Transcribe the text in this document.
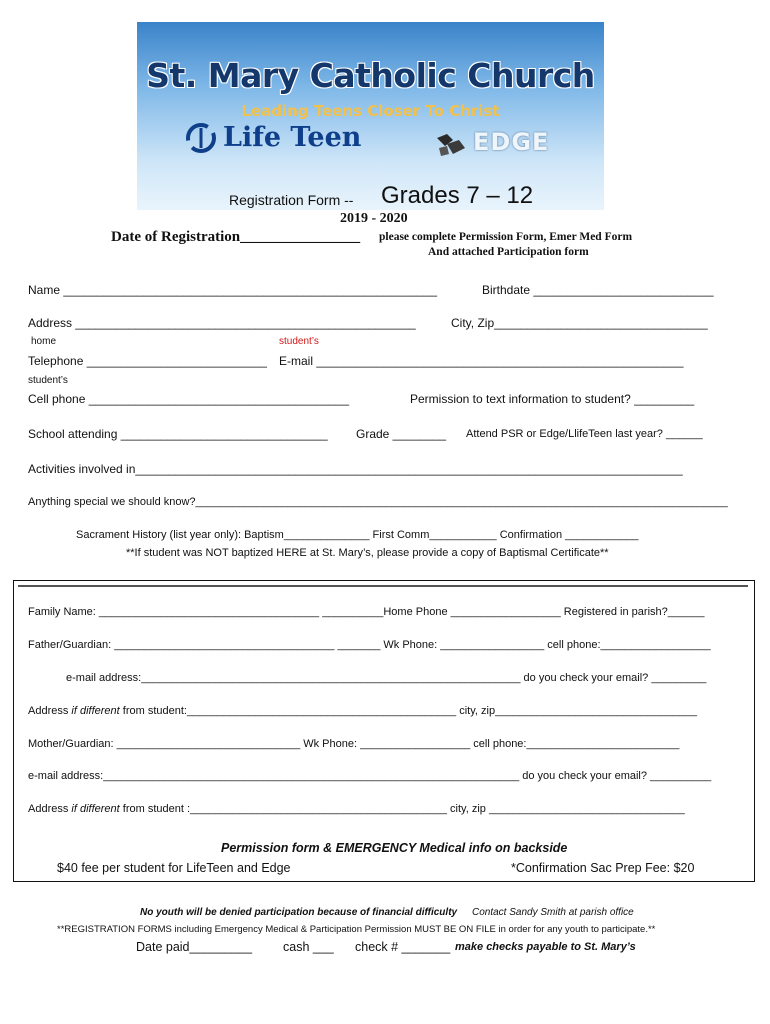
St. Mary Catholic Church
Leading Teens Closer To Christ
Life Teen	EDGE
Registration Form -- Grades 7 – 12
2019 - 2020
Date of Registration________________ please complete Permission Form, Emer Med Form
And attached Participation form
Name ________________________________________________________	Birthdate ___________________________
Address ___________________________________________________	City, Zip________________________________
home	student’s
Telephone ___________________________ E-mail _______________________________________________________
student’s
Cell phone _______________________________________	Permission to text information to student? _________
School attending _______________________________ Grade ________ Attend PSR or Edge/LlifeTeen last year? ______
Activities involved in__________________________________________________________________________________
Anything special we should know?_______________________________________________________________________________________
Sacrament History (list year only): Baptism______________ First Comm___________ Confirmation ____________
**If student was NOT baptized HERE at St. Mary’s, please provide a copy of Baptismal Certificate**
Family Name: ____________________________________ __________Home Phone __________________ Registered in parish?______
Father/Guardian: ____________________________________ _______ Wk Phone: _________________ cell phone:__________________
e-mail address:______________________________________________________________ do you check your email? _________
Address if different from student:____________________________________________ city, zip_________________________________
Mother/Guardian: ______________________________ Wk Phone: __________________ cell phone:_________________________
e-mail address:____________________________________________________________________ do you check your email? __________
Address if different from student :__________________________________________ city, zip ________________________________
Permission form & EMERGENCY Medical info on backside
$40 fee per student for LifeTeen and Edge	*Confirmation Sac Prep Fee: $20
No youth will be denied participation because of financial difficulty Contact Sandy Smith at parish office
**REGISTRATION FORMS including Emergency Medical & Participation Permission MUST BE ON FILE in order for any youth to participate.**
Date paid_________ cash ___ check # _______ make checks payable to St. Mary’s
